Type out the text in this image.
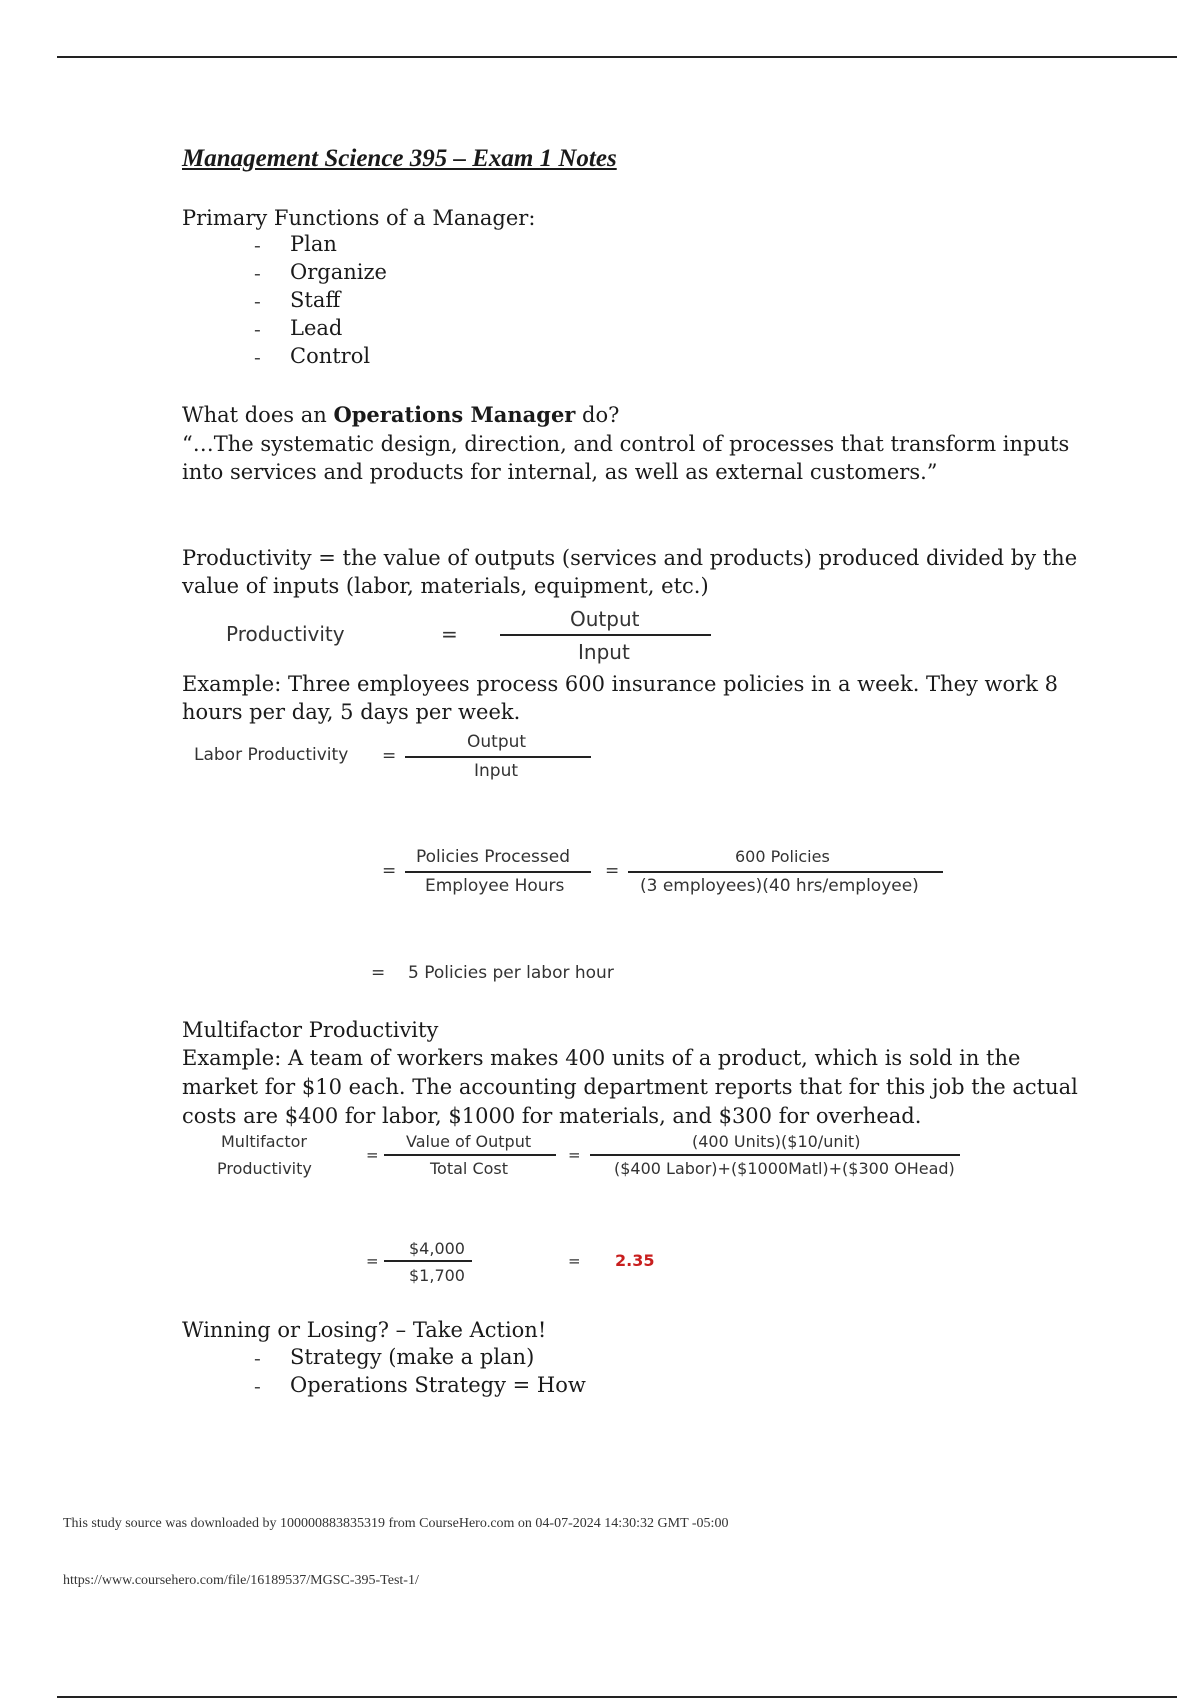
Management Science 395 – Exam 1 Notes
Primary Functions of a Manager:
- Plan
- Organize
- Staff
- Lead
- Control
What does an Operations Manager do?
“…The systematic design, direction, and control of processes that transform inputs
into services and products for internal, as well as external customers.”
Productivity = the value of outputs (services and products) produced divided by the
value of inputs (labor, materials, equipment, etc.)
Productivity	=
Output
Input
Example: Three employees process 600 insurance policies in a week. They work 8
hours per day, 5 days per week.
Labor Productivity =
Output
Input
=
Policies Processed
Employee Hours
=
600 Policies
(3 employees)(40 hrs/employee)
= 5 Policies per labor hour
Multifactor Productivity
Example: A team of workers makes 400 units of a product, which is sold in the
market for $10 each. The accounting department reports that for this job the actual
costs are $400 for labor, $1000 for materials, and $300 for overhead.
Multifactor
Productivity
=
Value of Output
Total Cost
=
(400 Units)($10/unit)
($400 Labor)+($1000Matl)+($300 OHead)
=
$4,000
$1,700
= 2.35
Winning or Losing? – Take Action!
- Strategy (make a plan)
- Operations Strategy = How
This study source was downloaded by 100000883835319 from CourseHero.com on 04-07-2024 14:30:32 GMT -05:00
https://www.coursehero.com/file/16189537/MGSC-395-Test-1/
